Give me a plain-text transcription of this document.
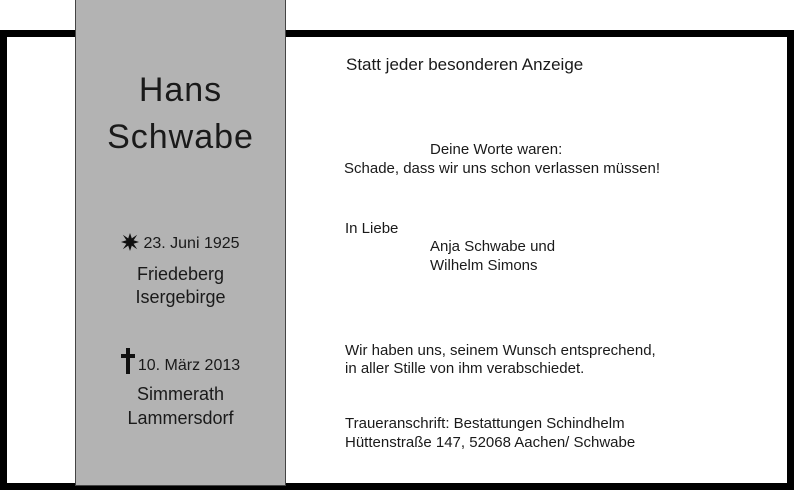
Hans
Schwabe
23. Juni 1925
Friedeberg
Isergebirge
10. März 2013
Simmerath
Lammersdorf
Statt jeder besonderen Anzeige
Deine Worte waren:
Schade, dass wir uns schon verlassen müssen!
In Liebe
Anja Schwabe und
Wilhelm Simons
Wir haben uns, seinem Wunsch entsprechend,
in aller Stille von ihm verabschiedet.
Traueranschrift: Bestattungen Schindhelm
Hüttenstraße 147, 52068 Aachen/ Schwabe
